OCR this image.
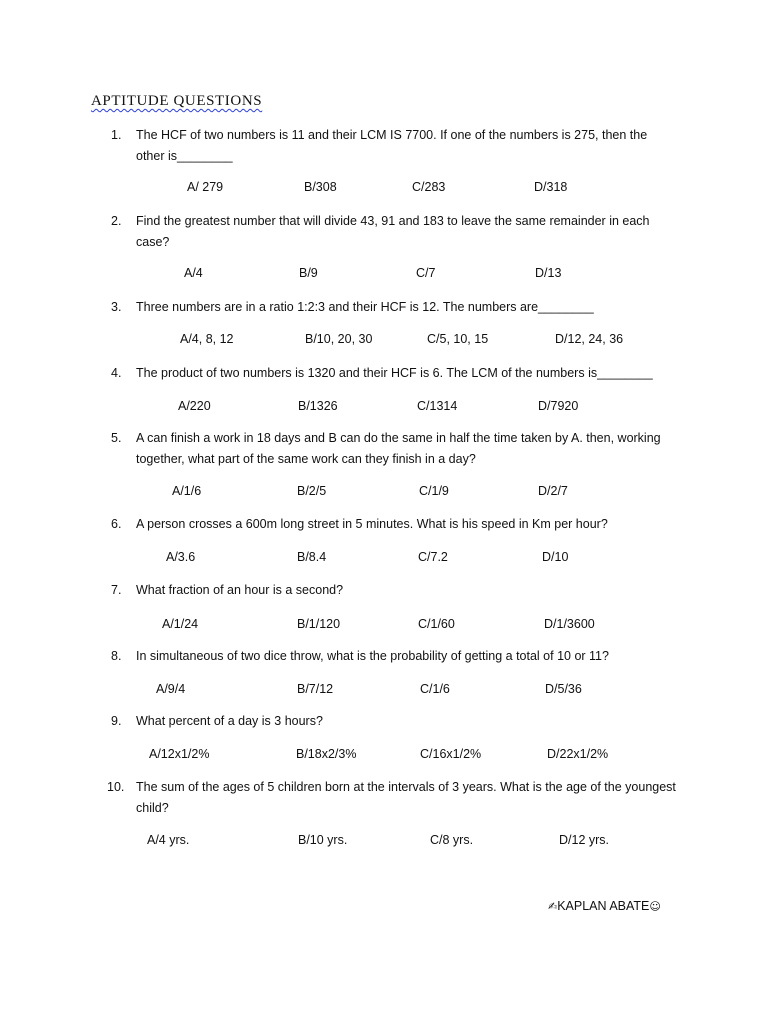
APTITUDE QUESTIONS
1.	The HCF of two numbers is 11 and their LCM IS 7700. If one of the numbers is 275, then the other is________
A/ 279	B/308	C/283	D/318
2.	Find the greatest number that will divide 43, 91 and 183 to leave the same remainder in each case?
A/4	B/9	C/7	D/13
3.	Three numbers are in a ratio 1:2:3 and their HCF is 12. The numbers are________
A/4, 8, 12	B/10, 20, 30	C/5, 10, 15	D/12, 24, 36
4.	The product of two numbers is 1320 and their HCF is 6. The LCM of the numbers is________
A/220	B/1326	C/1314	D/7920
5.	A can finish a work in 18 days and B can do the same in half the time taken by A. then, working together, what part of the same work can they finish in a day?
A/1/6	B/2/5	C/1/9	D/2/7
6.	A person crosses a 600m long street in 5 minutes. What is his speed in Km per hour?
A/3.6	B/8.4	C/7.2	D/10
7.	What fraction of an hour is a second?
A/1/24	B/1/120	C/1/60	D/1/3600
8.	In simultaneous of two dice throw, what is the probability of getting a total of 10 or 11?
A/9/4	B/7/12	C/1/6	D/5/36
9.	What percent of a day is 3 hours?
A/12x1/2%	B/18x2/3%	C/16x1/2%	D/22x1/2%
10. The sum of the ages of 5 children born at the intervals of 3 years. What is the age of the youngest child?
A/4 yrs.	B/10 yrs.	C/8 yrs.	D/12 yrs.
✍KAPLAN ABATE☺
